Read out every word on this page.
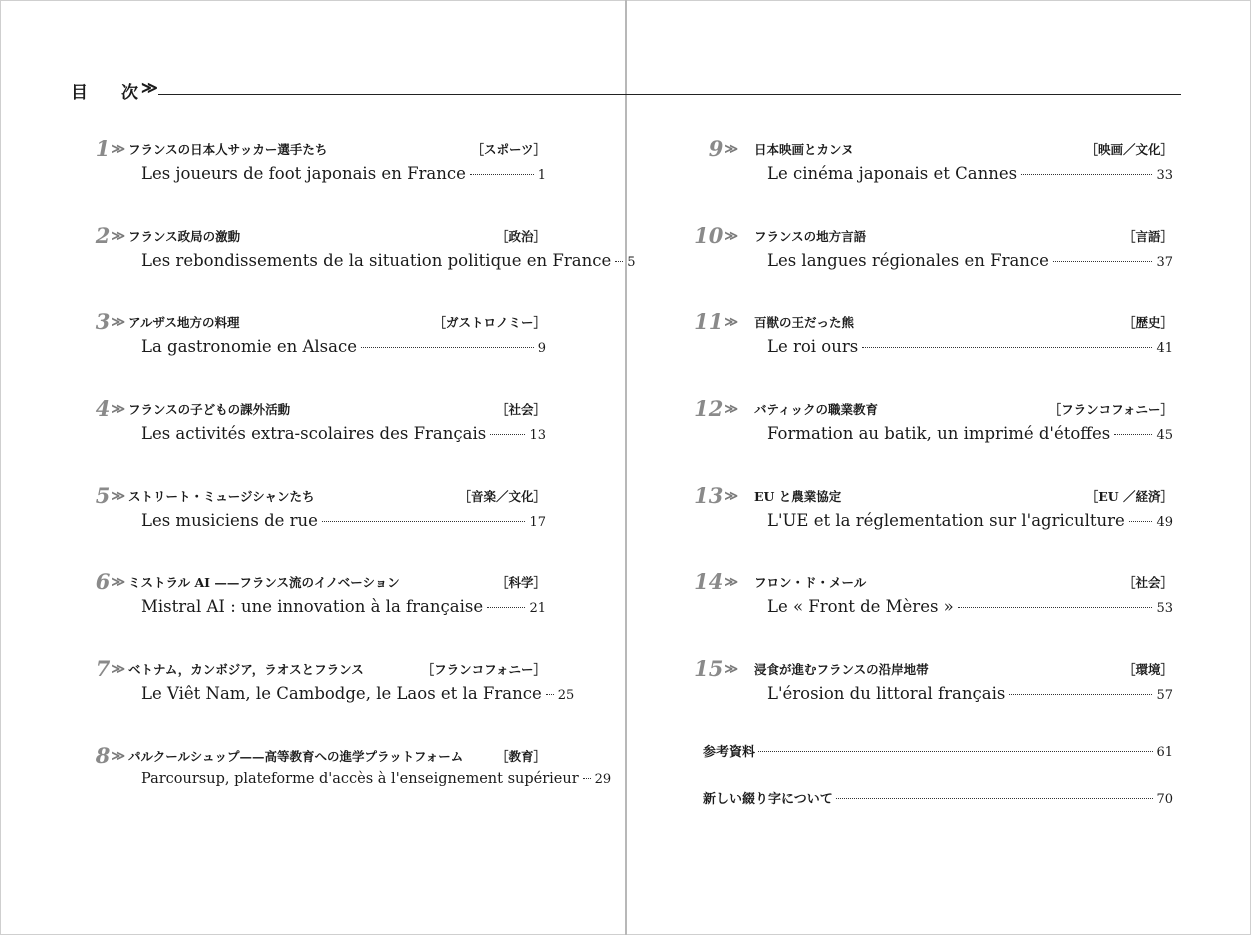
目 次 ≫
1≫ フランスの日本人サッカー選手たち	［スポーツ］
Les joueurs de foot japonais en France	1
2≫ フランス政局の激動	［政治］
Les rebondissements de la situation politique en France 5
3≫ アルザス地方の料理	［ガストロノミー］
La gastronomie en Alsace	9
4≫ フランスの子どもの課外活動	［社会］
Les activités extra-scolaires des Français	13
5≫ ストリート・ミュージシャンたち	［音楽／文化］
Les musiciens de rue	17
6≫ ミストラル AI ——フランス流のイノベーション	［科学］
Mistral AI : une innovation à la française	21
7≫ ベトナム，カンボジア，ラオスとフランス	［フランコフォニー］
Le Viêt Nam, le Cambodge, le Laos et la France 25
8≫ パルクールシュップ——高等教育への進学プラットフォーム	［教育］
Parcoursup, plateforme d'accès à l'enseignement supérieur 29
9≫ 日本映画とカンヌ	［映画／文化］
Le cinéma japonais et Cannes	33
10≫ フランスの地方言語	［言語］
Les langues régionales en France	37
11≫ 百獣の王だった熊	［歴史］
Le roi ours	41
12≫ バティックの職業教育	［フランコフォニー］
Formation au batik, un imprimé d'étoffes	45
13≫ EU と農業協定	［EU ／経済］
L'UE et la réglementation sur l'agriculture 49
14≫ フロン・ド・メール	［社会］
Le « Front de Mères »	53
15≫ 浸食が進むフランスの沿岸地帯	［環境］
L'érosion du littoral français	57
参考資料	61
新しい綴り字について	70
